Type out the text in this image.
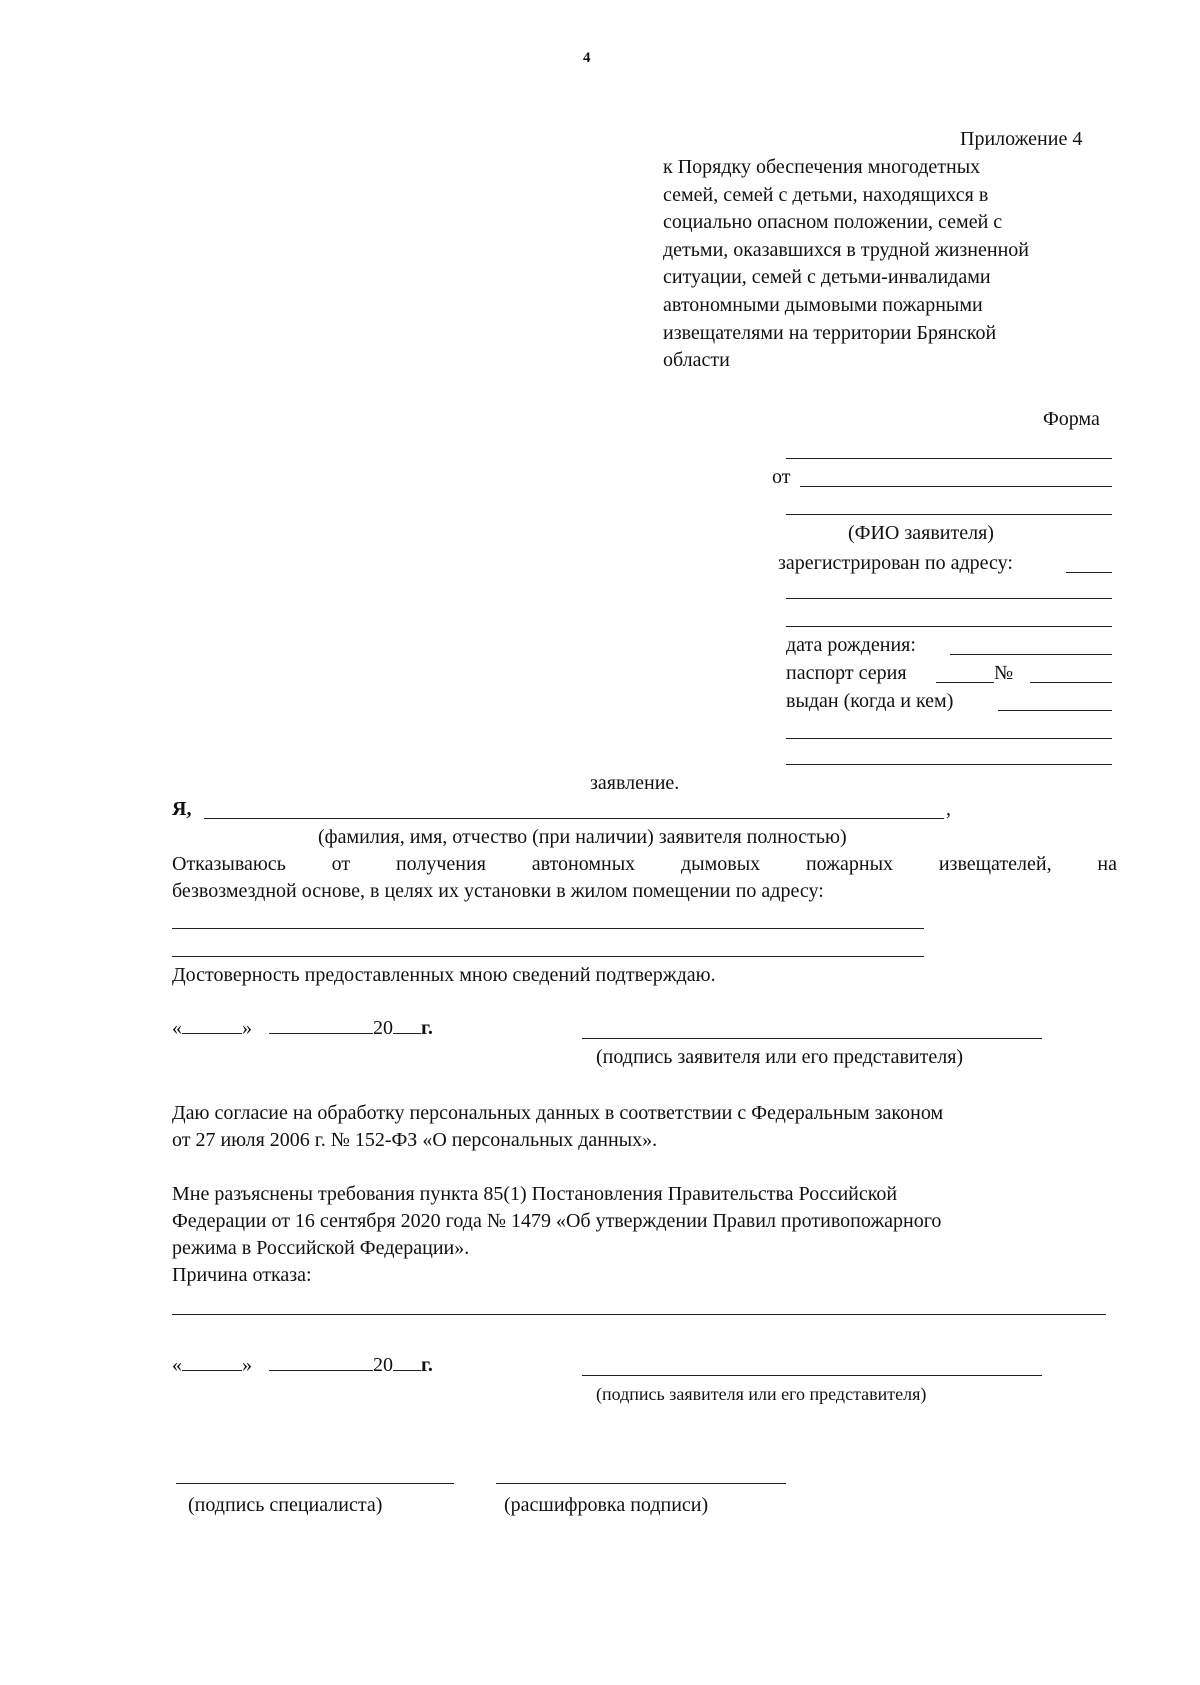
4
Приложение 4
к Порядку обеспечения многодетных
семей, семей с детьми, находящихся в
социально опасном положении, семей с
детьми, оказавшихся в трудной жизненной
ситуации, семей с детьми-инвалидами
автономными дымовыми пожарными
извещателями на территории Брянской
области
Форма
от
(ФИО заявителя)
зарегистрирован по адресу:
дата рождения:
паспорт серия	№
выдан (когда и кем)
заявление.
Я,	,
(фамилия, имя, отчество (при наличии) заявителя полностью)
Отказываюсь от получения автономных дымовых пожарных извещателей, на
безвозмездной основе, в целях их установки в жилом помещении по адресу:
Достоверность предоставленных мною сведений подтверждаю.
«	»	20 г.
(подпись заявителя или его представителя)
Даю согласие на обработку персональных данных в соответствии с Федеральным законом
от 27 июля 2006 г. № 152-ФЗ «О персональных данных».
Мне разъяснены требования пункта 85(1) Постановления Правительства Российской
Федерации от 16 сентября 2020 года № 1479 «Об утверждении Правил противопожарного
режима в Российской Федерации».
Причина отказа:
«	»	20 г.
(подпись заявителя или его представителя)
(подпись специалиста)	(расшифровка подписи)
